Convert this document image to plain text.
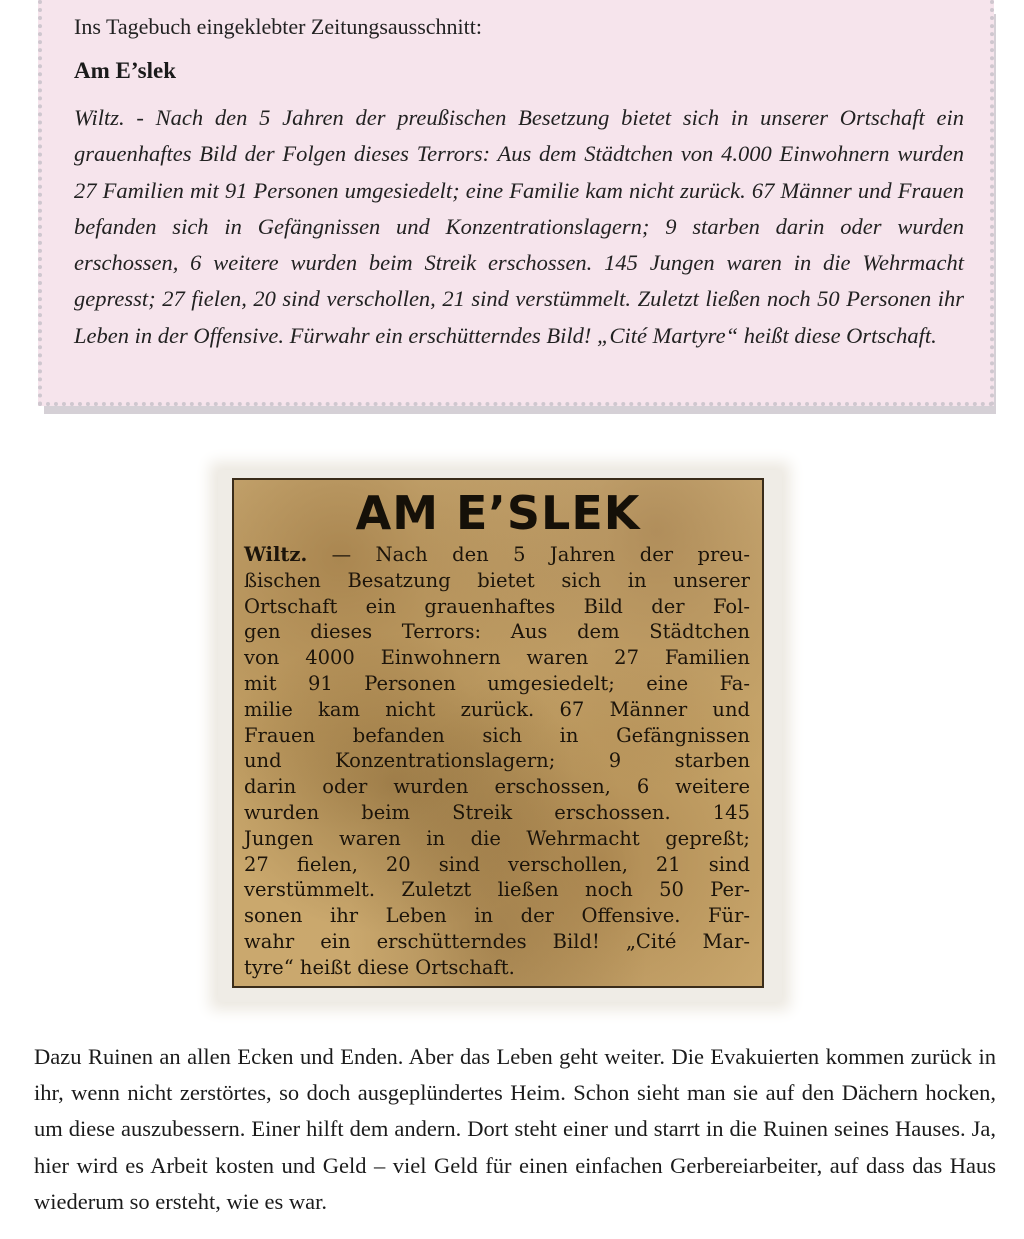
Ins Tagebuch eingeklebter Zeitungsausschnitt:
Am E’slek
Wiltz. - Nach den 5 Jahren der preußischen Besetzung bietet sich in unserer Ortschaft ein grauenhaftes Bild der Folgen dieses Terrors: Aus dem Städtchen von 4.000 Einwohnern wurden 27 Familien mit 91 Personen umgesiedelt; eine Familie kam nicht zurück. 67 Männer und Frauen befanden sich in Gefängnissen und Konzentrationslagern; 9 starben darin oder wurden erschossen, 6 weitere wurden beim Streik erschossen. 145 Jungen waren in die Wehrmacht gepresst; 27 fielen, 20 sind verschollen, 21 sind verstümmelt. Zuletzt ließen noch 50 Personen ihr Leben in der Offensive. Fürwahr ein erschütterndes Bild! „Cité Martyre“ heißt diese Ortschaft.
AM E’SLEK
Wiltz. — Nach den 5 Jahren der preu-
ßischen Besatzung bietet sich in unserer
Ortschaft ein grauenhaftes Bild der Fol-
gen dieses Terrors: Aus dem Städtchen
von 4000 Einwohnern waren 27 Familien
mit 91 Personen umgesiedelt; eine Fa-
milie kam nicht zurück. 67 Männer und
Frauen befanden sich in Gefängnissen
und Konzentrationslagern; 9 starben
darin oder wurden erschossen, 6 weitere
wurden beim Streik erschossen. 145
Jungen waren in die Wehrmacht gepreßt;
27 fielen, 20 sind verschollen, 21 sind
verstümmelt. Zuletzt ließen noch 50 Per-
sonen ihr Leben in der Offensive. Für-
wahr ein erschütterndes Bild! „Cité Mar-
tyre“ heißt diese Ortschaft.
Dazu Ruinen an allen Ecken und Enden. Aber das Leben geht weiter. Die Evakuierten kommen zurück in ihr, wenn nicht zerstörtes, so doch ausgeplündertes Heim. Schon sieht man sie auf den Dächern hocken, um diese auszubessern. Einer hilft dem andern. Dort steht einer und starrt in die Ruinen seines Hauses. Ja, hier wird es Arbeit kosten und Geld – viel Geld für einen einfachen Gerbereiarbeiter, auf dass das Haus wiederum so ersteht, wie es war.
